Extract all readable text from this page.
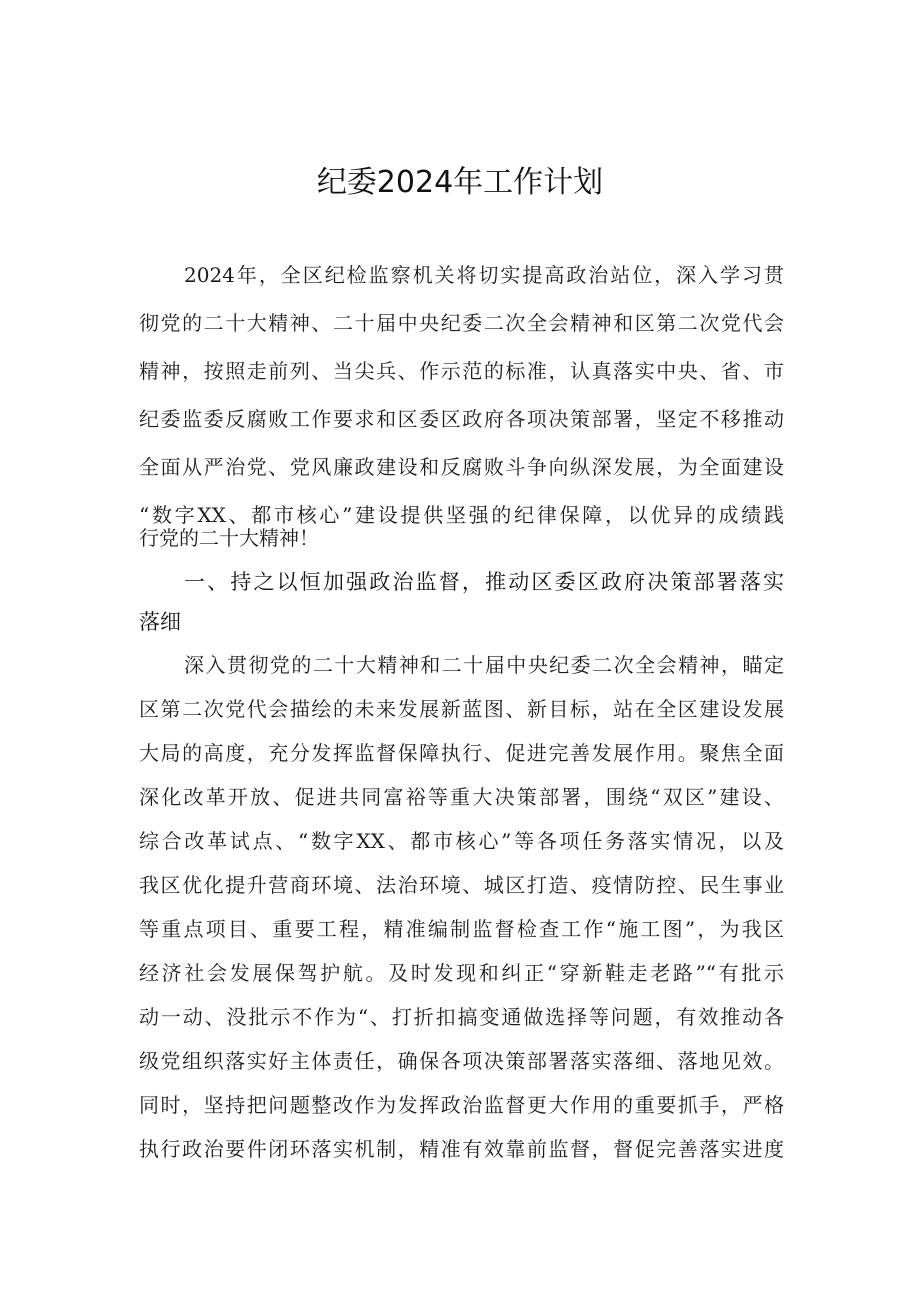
纪委2024年工作计划
2024年，全区纪检监察机关将切实提高政治站位，深入学习贯
彻党的二十大精神、二十届中央纪委二次全会精神和区第二次党代会
精神，按照走前列、当尖兵、作示范的标准，认真落实中央、省、市
纪委监委反腐败工作要求和区委区政府各项决策部署，坚定不移推动
全面从严治党、党风廉政建设和反腐败斗争向纵深发展，为全面建设
“数字XX、都市核心”建设提供坚强的纪律保障，以优异的成绩践
行党的二十大精神！
一、持之以恒加强政治监督，推动区委区政府决策部署落实
落细
深入贯彻党的二十大精神和二十届中央纪委二次全会精神，瞄定
区第二次党代会描绘的未来发展新蓝图、新目标，站在全区建设发展
大局的高度，充分发挥监督保障执行、促进完善发展作用。聚焦全面
深化改革开放、促进共同富裕等重大决策部署，围绕“双区”建设、
综合改革试点、“数字XX、都市核心”等各项任务落实情况，以及
我区优化提升营商环境、法治环境、城区打造、疫情防控、民生事业
等重点项目、重要工程，精准编制监督检查工作“施工图”，为我区
经济社会发展保驾护航。及时发现和纠正“穿新鞋走老路”“有批示
动一动、没批示不作为“、打折扣搞变通做选择等问题，有效推动各
级党组织落实好主体责任，确保各项决策部署落实落细、落地见效。
同时，坚持把问题整改作为发挥政治监督更大作用的重要抓手，严格
执行政治要件闭环落实机制，精准有效靠前监督，督促完善落实进度
